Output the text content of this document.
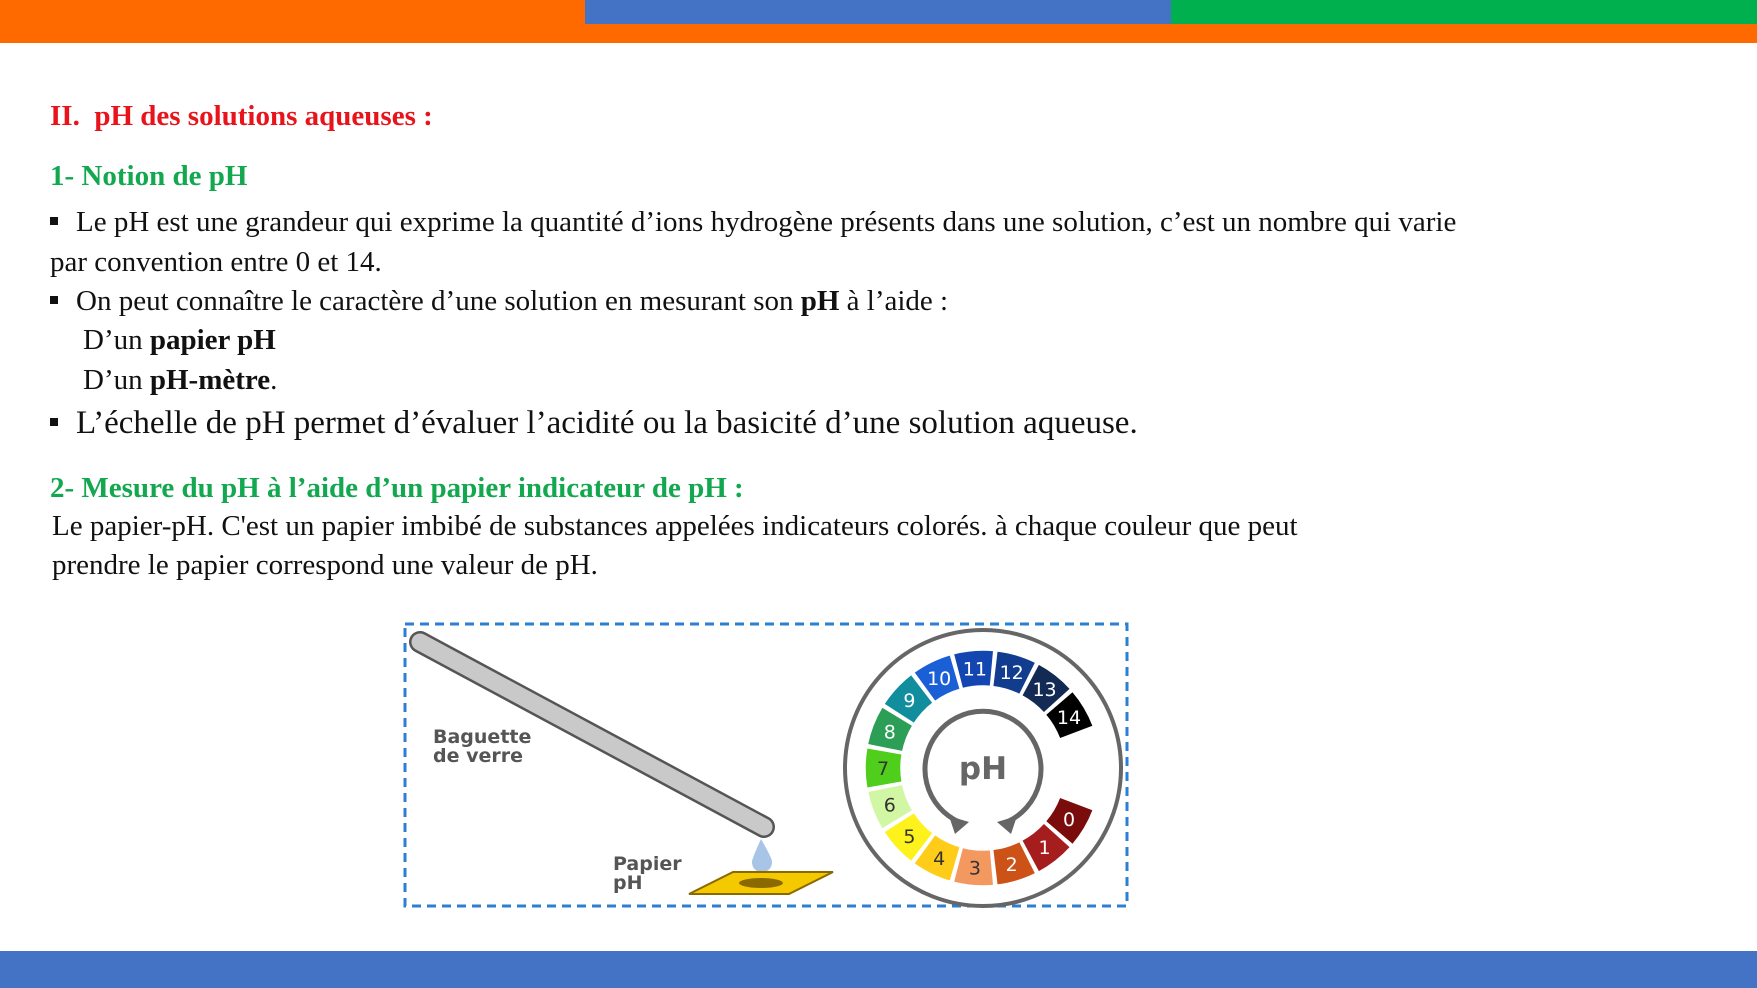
II. pH des solutions aqueuses :
1- Notion de pH
Le pH est une grandeur qui exprime la quantité d’ions hydrogène présents dans une solution, c’est un nombre qui varie
par convention entre 0 et 14.
On peut connaître le caractère d’une solution en mesurant son pH à l’aide :
D’un papier pH
D’un pH-mètre.
L’échelle de pH permet d’évaluer l’acidité ou la basicité d’une solution aqueuse.
2- Mesure du pH à l’aide d’un papier indicateur de pH :
Le papier-pH. C'est un papier imbibé de substances appelées indicateurs colorés. à chaque couleur que peut
prendre le papier correspond une valeur de pH.
Baguette
de verre
Papier
pH
0
1
2
3
4
5
6
7
8
9
10 11 12
13
14
pH
